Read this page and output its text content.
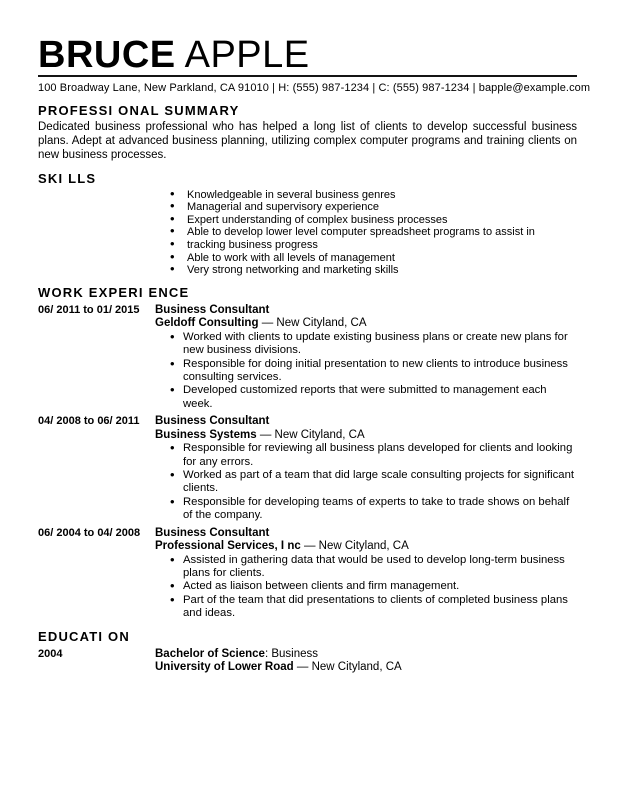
BRUCE APPLE
100 Broadway Lane, New Parkland, CA 91010 | H: (555) 987-1234 | C: (555) 987-1234 | bapple@example.com
PROFESSI ONAL SUMMARY

Dedicated business professional who has helped a long list of clients to develop successful business plans. Adept at advanced business planning, utilizing complex computer programs and training clients on new business processes.

SKI LLS
• Knowledgeable in several business genres
• Managerial and supervisory experience
• Expert understanding of complex business processes
• Able to develop lower level computer spreadsheet programs to assist in
• tracking business progress
• Able to work with all levels of management
• Very strong networking and marketing skills
WORK EXPERI ENCE
06/ 2011 to 01/ 2015	Business Consultant
Geldoff Consulting — New Cityland, CA
• Worked with clients to update existing business plans or create new plans for new business divisions.
• Responsible for doing initial presentation to new clients to introduce business consulting services.
• Developed customized reports that were submitted to management each week.
04/ 2008 to 06/ 2011	Business Consultant
Business Systems — New Cityland, CA
• Responsible for reviewing all business plans developed for clients and looking for any errors.
• Worked as part of a team that did large scale consulting projects for significant clients.
• Responsible for developing teams of experts to take to trade shows on behalf of the company.
06/ 2004 to 04/ 2008	Business Consultant
Professional Services, I nc — New Cityland, CA
• Assisted in gathering data that would be used to develop long-term business plans for clients.
• Acted as liaison between clients and firm management.
• Part of the team that did presentations to clients of completed business plans and ideas.
EDUCATI ON
2004	Bachelor of Science: Business
University of Lower Road — New Cityland, CA
